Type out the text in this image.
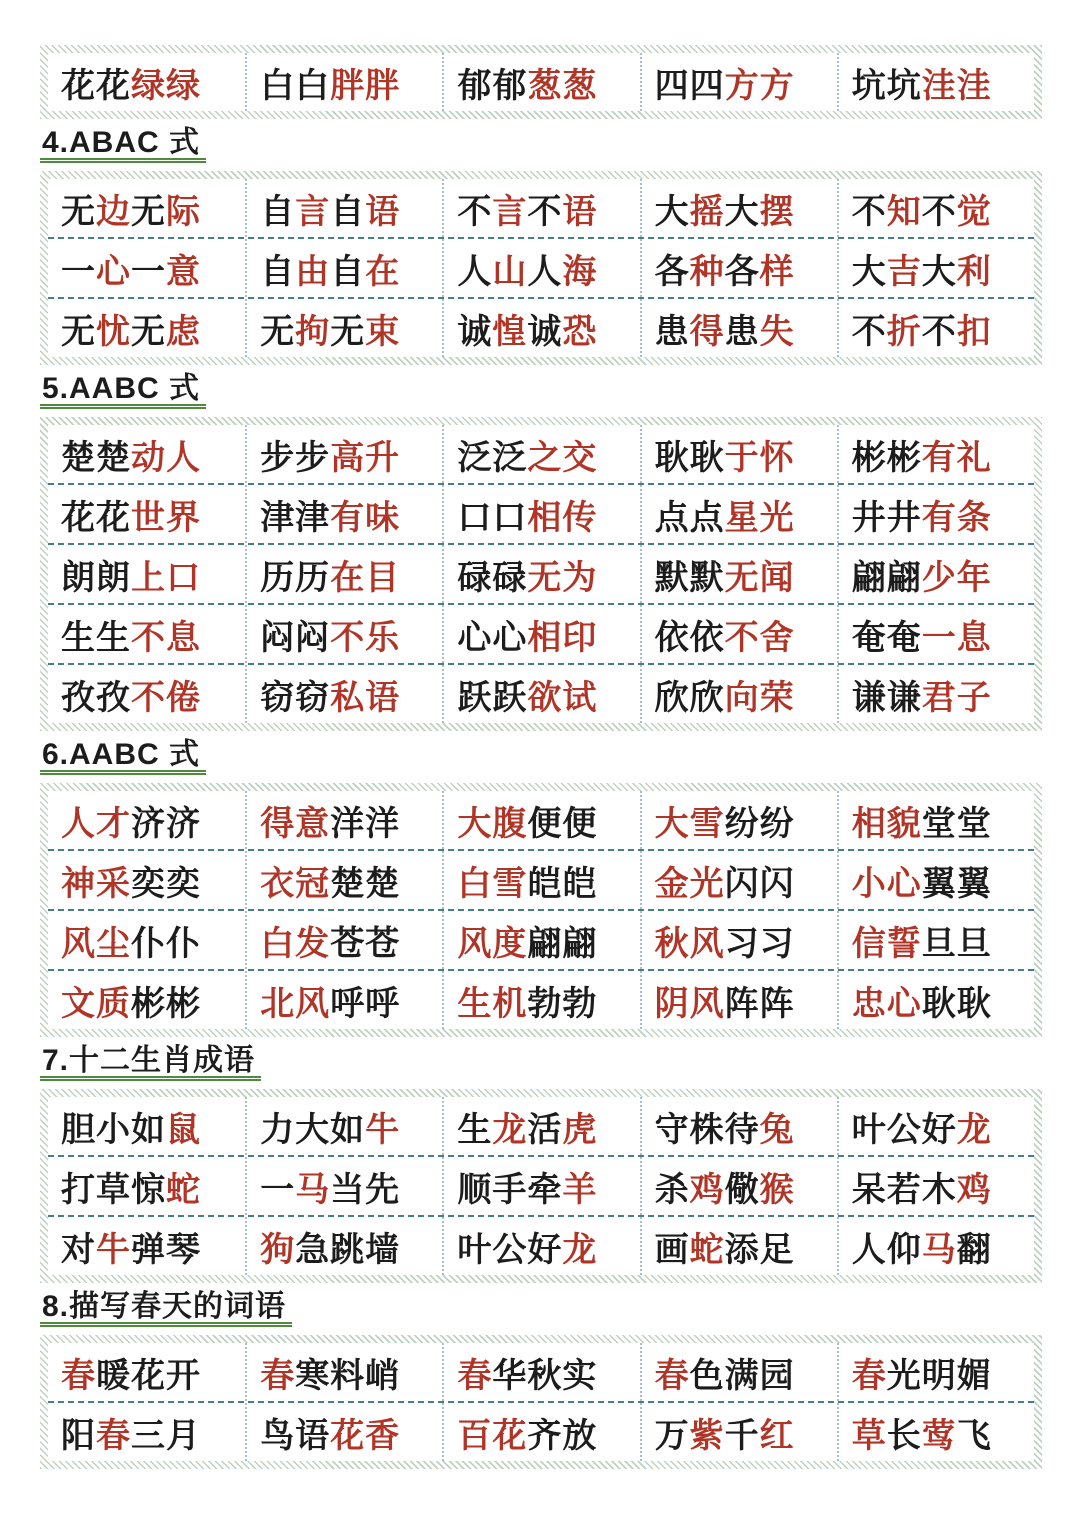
花花 绿绿 白白 胖胖 郁郁 葱葱 四四 方方 坑坑 洼洼
4.ABAC 式
无 边 无 际 自 言 自 语 不 言 不 语 大 摇 大 摆 不 知 不 觉
一 心 一 意 自 由 自 在 人 山 人 海 各 种 各 样 大 吉 大 利
无 忧 无 虑 无 拘 无 束 诚 惶 诚 恐 患 得 患 失 不 折 不 扣
5.AABC 式
楚楚 动人 步步 高升 泛泛 之交 耿耿 于怀 彬彬 有礼
花花 世界 津津 有味 口口 相传 点点 星光 井井 有条
朗朗 上口 历历 在目 碌碌 无为 默默 无闻 翩翩 少年
生生 不息 闷闷 不乐 心心 相印 依依 不舍 奄奄 一息
孜孜 不倦 窃窃 私语 跃跃 欲试 欣欣 向荣 谦谦 君子
6.AABC 式
人才 济济 得意 洋洋 大腹 便便 大雪 纷纷 相貌 堂堂
神采 奕奕 衣冠 楚楚 白雪 皑皑 金光 闪闪 小心 翼翼
风尘 仆仆 白发 苍苍 风度 翩翩 秋风 习习 信誓 旦旦
文质 彬彬 北风 呼呼 生机 勃勃 阴风 阵阵 忠心 耿耿
7.十二生肖成语
胆小如 鼠 力大如 牛 生 龙 活 虎 守株待 兔 叶公好 龙
打草惊 蛇 一 马 当先 顺手牵 羊 杀 鸡 儆 猴 呆若木 鸡
对 牛 弹琴 狗 急跳墙 叶公好 龙 画 蛇 添足 人仰 马 翻
8.描写春天的词语
春 暖花开 春 寒料峭 春 华秋实 春 色满园 春 光明媚
阳 春 三月 鸟语 花香 百花 齐放 万 紫 千 红 草 长 莺 飞
